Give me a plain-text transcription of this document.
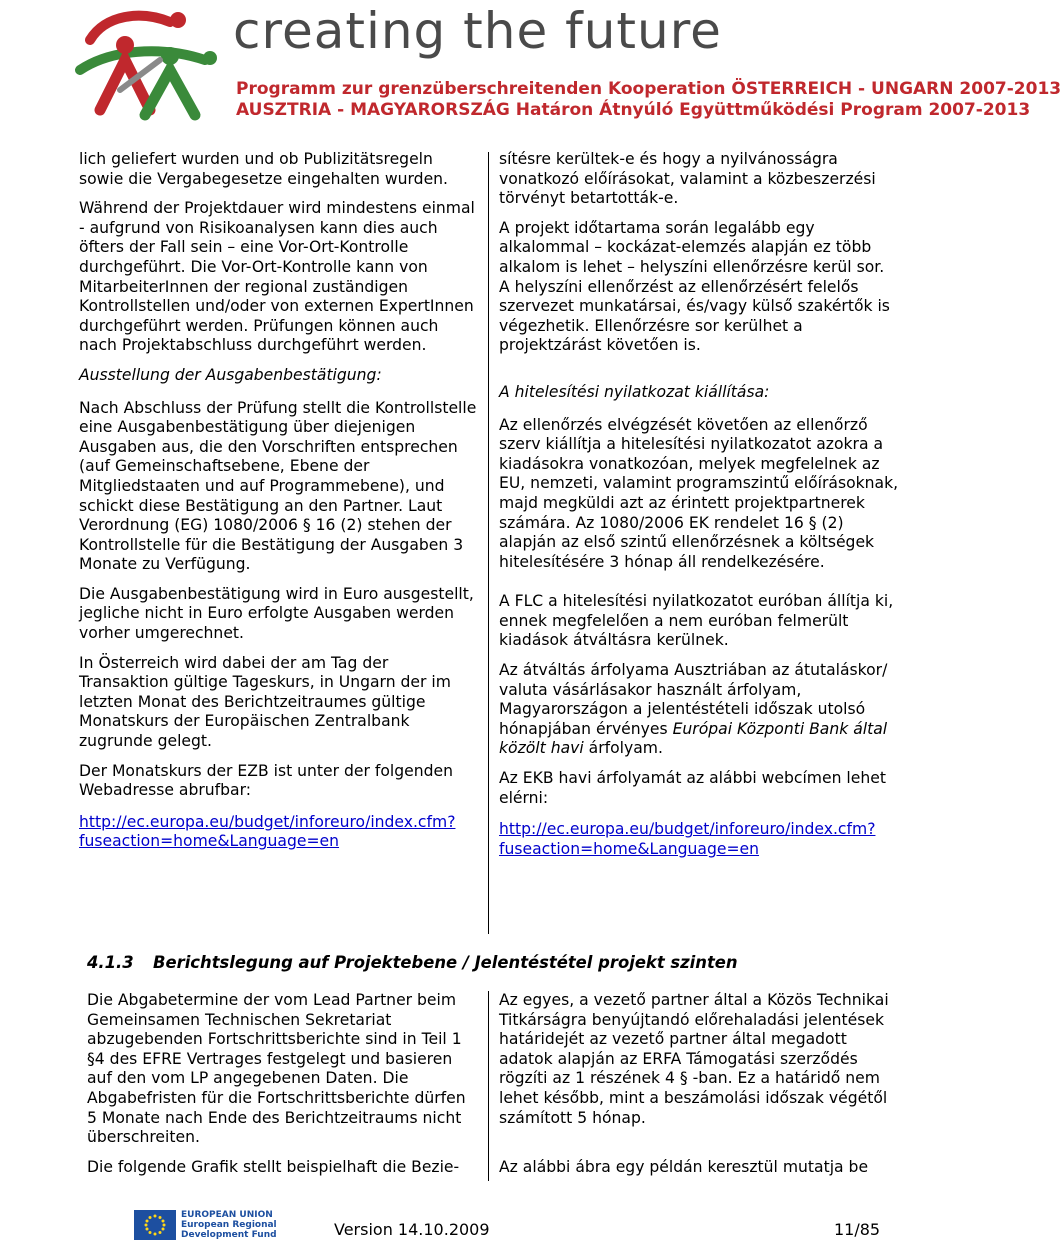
creating the future
Programm zur grenzüberschreitenden Kooperation ÖSTERREICH - UNGARN 2007-2013
AUSZTRIA - MAGYARORSZÁG Határon Átnyúló Együttműködési Program 2007-2013

lich geliefert wurden und ob Publizitätsregeln sowie die Vergabegesetze eingehalten wurden.

Während der Projektdauer wird mindestens einmal - aufgrund von Risikoanalysen kann dies auch öfters der Fall sein – eine Vor-Ort-Kontrolle durchgeführt. Die Vor-Ort-Kontrolle kann von MitarbeiterInnen der regional zuständigen Kontrollstellen und/oder von externen ExpertInnen durchgeführt werden. Prüfungen können auch nach Projektabschluss durchgeführt werden.

Ausstellung der Ausgabenbestätigung:

Nach Abschluss der Prüfung stellt die Kontrollstelle eine Ausgabenbestätigung über diejenigen Ausgaben aus, die den Vorschriften entsprechen (auf Gemeinschaftsebene, Ebene der Mitgliedstaaten und auf Programmebene), und schickt diese Bestätigung an den Partner. Laut Verordnung (EG) 1080/2006 § 16 (2) stehen der Kontrollstelle für die Bestätigung der Ausgaben 3 Monate zu Verfügung.

Die Ausgabenbestätigung wird in Euro ausgestellt, jegliche nicht in Euro erfolgte Ausgaben werden vorher umgerechnet.

In Österreich wird dabei der am Tag der Transaktion gültige Tageskurs, in Ungarn der im letzten Monat des Berichtzeitraumes gültige Monatskurs der Europäischen Zentralbank zugrunde gelegt.

Der Monatskurs der EZB ist unter der folgenden Webadresse abrufbar:

http://ec.europa.eu/budget/inforeuro/index.cfm?fuseaction=home&Language=en

sítésre kerültek-e és hogy a nyilvánosságra vonatkozó előírásokat, valamint a közbeszerzési törvényt betartották-e.

A projekt időtartama során legalább egy alkalommal – kockázat-elemzés alapján ez több alkalom is lehet – helyszíni ellenőrzésre kerül sor. A helyszíni ellenőrzést az ellenőrzésért felelős szervezet munkatársai, és/vagy külső szakértők is végezhetik. Ellenőrzésre sor kerülhet a projektzárást követően is.

A hitelesítési nyilatkozat kiállítása:

Az ellenőrzés elvégzését követően az ellenőrző szerv kiállítja a hitelesítési nyilatkozatot azokra a kiadásokra vonatkozóan, melyek megfelelnek az EU, nemzeti, valamint programszintű előírásoknak, majd megküldi azt az érintett projektpartnerek számára. Az 1080/2006 EK rendelet 16 § (2) alapján az első szintű ellenőrzésnek a költségek hitelesítésére 3 hónap áll rendelkezésére.

A FLC a hitelesítési nyilatkozatot euróban állítja ki, ennek megfelelően a nem euróban felmerült kiadások átváltásra kerülnek.

Az átváltás árfolyama Ausztriában az átutaláskor/ valuta vásárlásakor használt árfolyam, Magyarországon a jelentéstételi időszak utolsó hónapjában érvényes Európai Központi Bank által közölt havi árfolyam.

Az EKB havi árfolyamát az alábbi webcímen lehet elérni:

http://ec.europa.eu/budget/inforeuro/index.cfm?fuseaction=home&Language=en

4.1.3 Berichtslegung auf Projektebene / Jelentéstétel projekt szinten

Die Abgabetermine der vom Lead Partner beim Gemeinsamen Technischen Sekretariat abzugebenden Fortschrittsberichte sind in Teil 1 §4 des EFRE Vertrages festgelegt und basieren auf den vom LP angegebenen Daten. Die Abgabefristen für die Fortschrittsberichte dürfen 5 Monate nach Ende des Berichtzeitraums nicht überschreiten.

Die folgende Grafik stellt beispielhaft die Bezie-

Az egyes, a vezető partner által a Közös Technikai Titkárságra benyújtandó előrehaladási jelentések határidejét az vezető partner által megadott adatok alapján az ERFA Támogatási szerződés rögzíti az 1 részének 4 § -ban. Ez a határidő nem lehet később, mint a beszámolási időszak végétől számított 5 hónap.

Az alábbi ábra egy példán keresztül mutatja be

EUROPEAN UNION
European Regional
Development Fund	Version 14.10.2009	11/85
